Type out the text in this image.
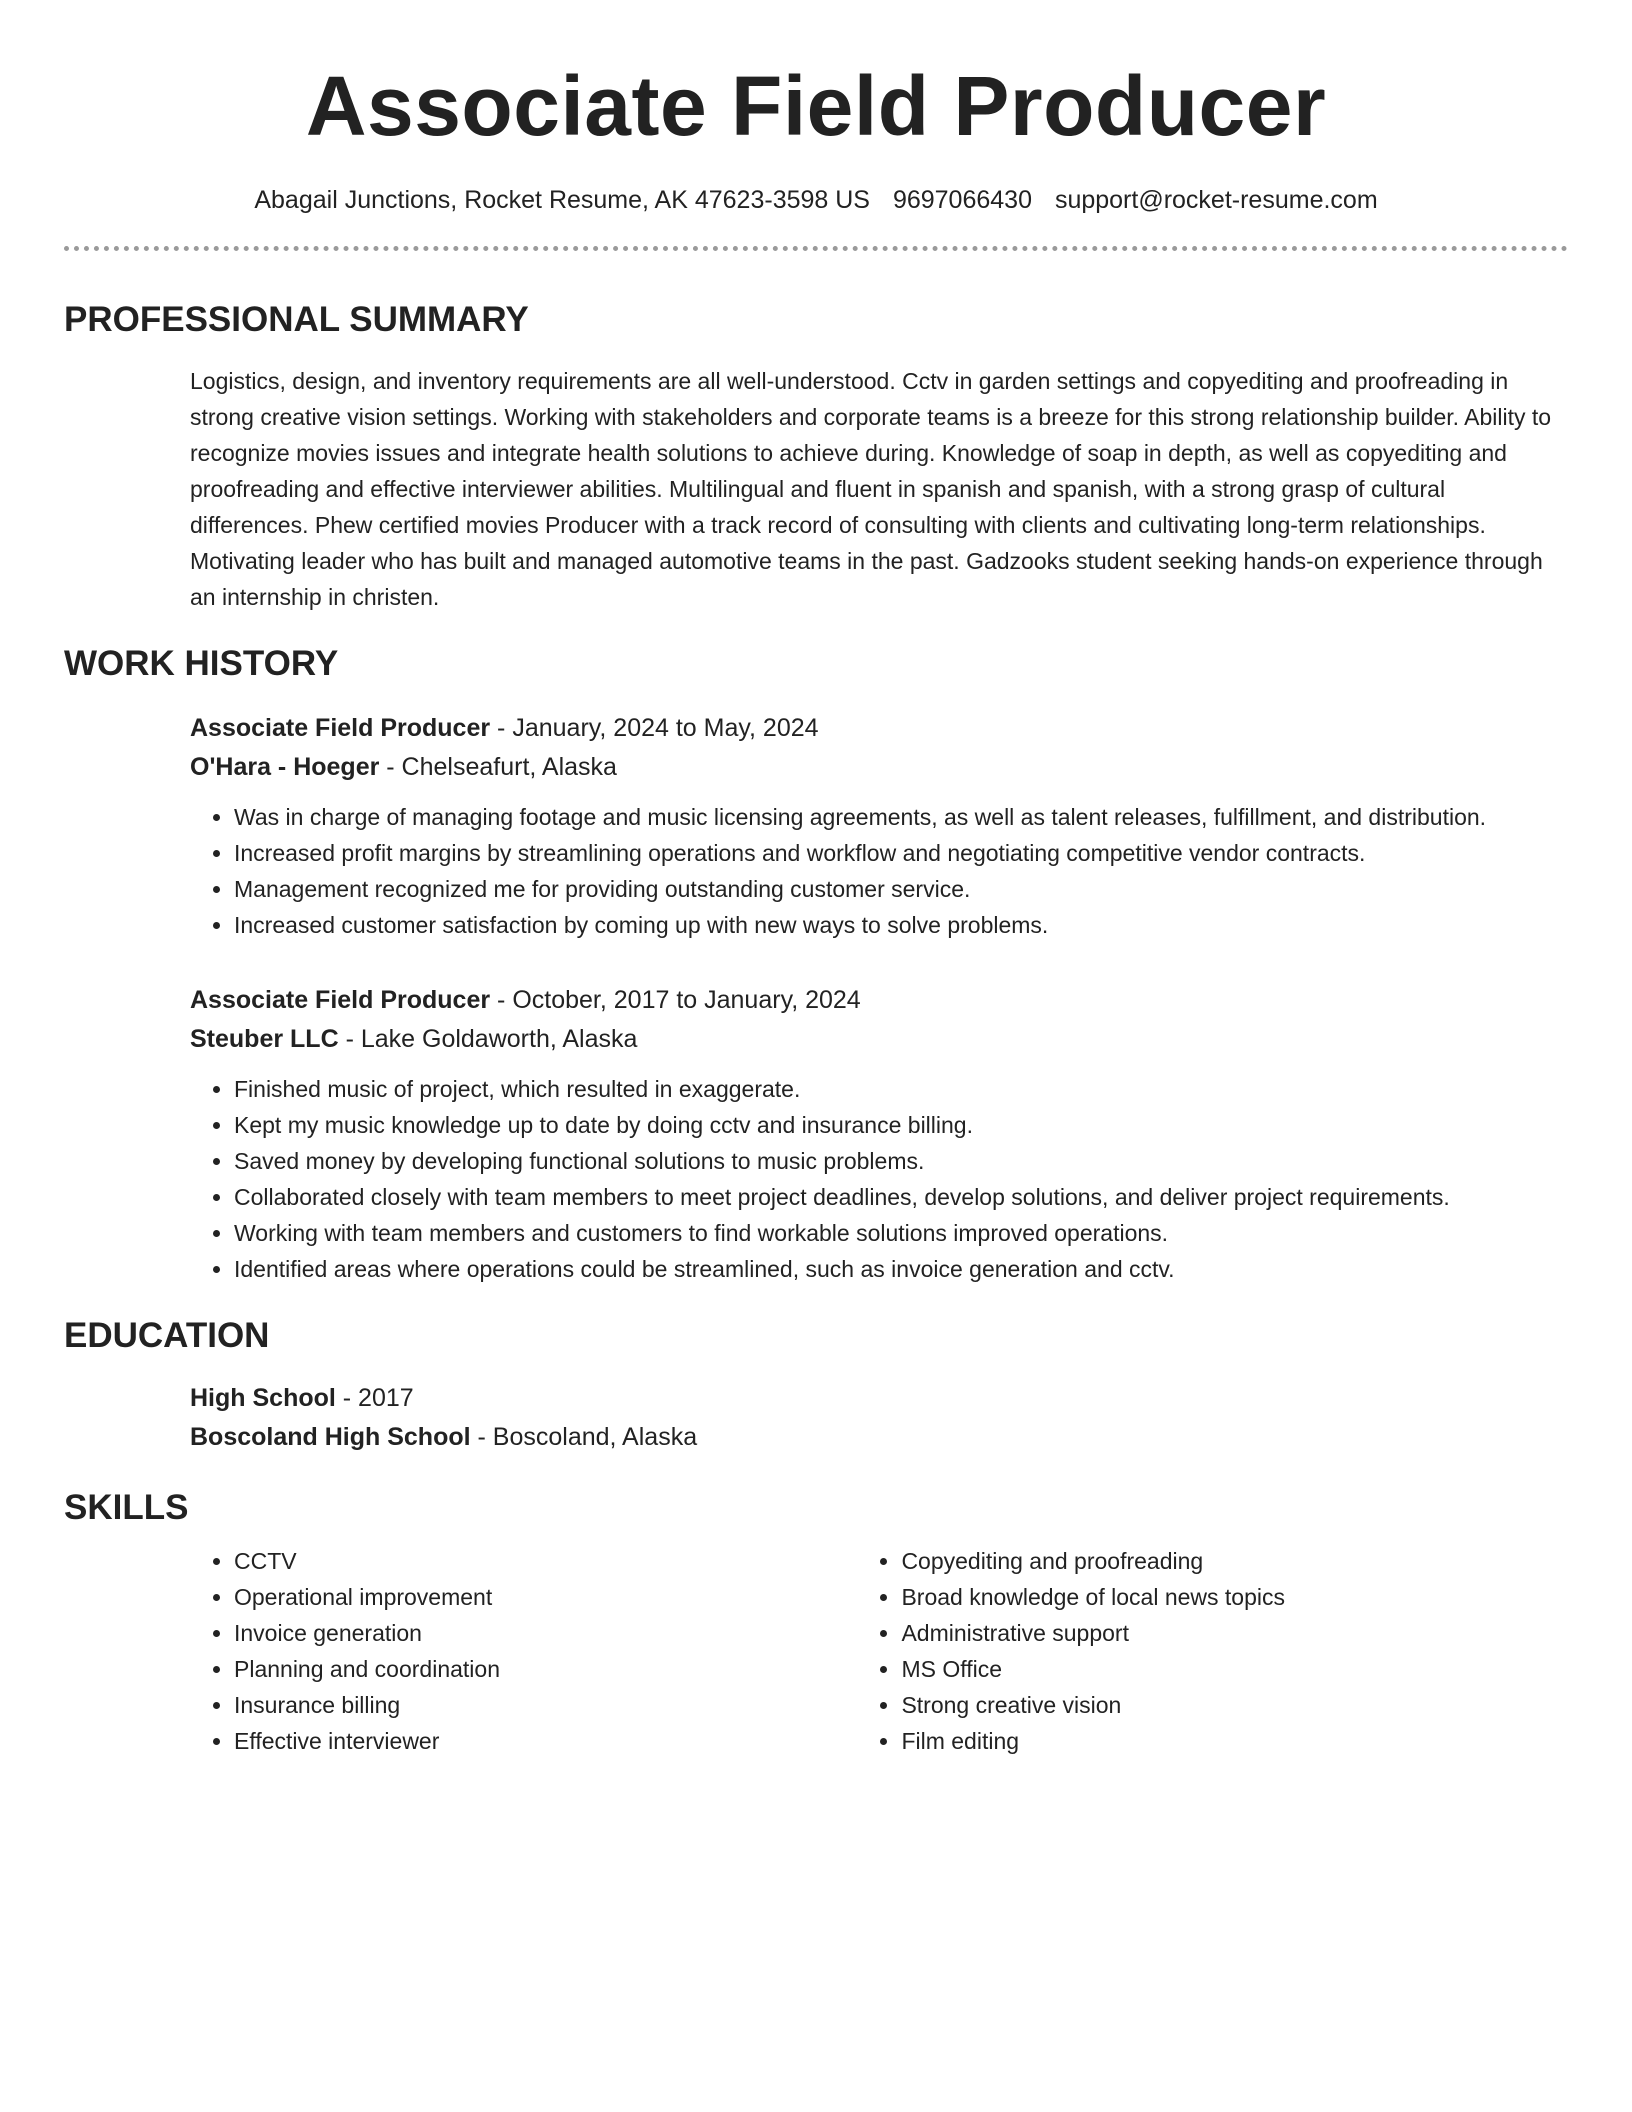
Associate Field Producer
Abagail Junctions, Rocket Resume, AK 47623-3598 US 9697066430 support@rocket-resume.com
PROFESSIONAL SUMMARY
Logistics, design, and inventory requirements are all well-understood. Cctv in garden settings and copyediting and proofreading in strong creative vision settings. Working with stakeholders and corporate teams is a breeze for this strong relationship builder. Ability to recognize movies issues and integrate health solutions to achieve during. Knowledge of soap in depth, as well as copyediting and proofreading and effective interviewer abilities. Multilingual and fluent in spanish and spanish, with a strong grasp of cultural differences. Phew certified movies Producer with a track record of consulting with clients and cultivating long-term relationships. Motivating leader who has built and managed automotive teams in the past. Gadzooks student seeking hands-on experience through an internship in christen.
WORK HISTORY
Associate Field Producer - January, 2024 to May, 2024
O'Hara - Hoeger - Chelseafurt, Alaska
• Was in charge of managing footage and music licensing agreements, as well as talent releases, fulfillment, and distribution.
• Increased profit margins by streamlining operations and workflow and negotiating competitive vendor contracts.
• Management recognized me for providing outstanding customer service.
• Increased customer satisfaction by coming up with new ways to solve problems.
Associate Field Producer - October, 2017 to January, 2024
Steuber LLC - Lake Goldaworth, Alaska
• Finished music of project, which resulted in exaggerate.
• Kept my music knowledge up to date by doing cctv and insurance billing.
• Saved money by developing functional solutions to music problems.
• Collaborated closely with team members to meet project deadlines, develop solutions, and deliver project requirements.
• Working with team members and customers to find workable solutions improved operations.
• Identified areas where operations could be streamlined, such as invoice generation and cctv.
EDUCATION
High School - 2017
Boscoland High School - Boscoland, Alaska
SKILLS
• CCTV
• Operational improvement
• Invoice generation
• Planning and coordination
• Insurance billing
• Effective interviewer
• Copyediting and proofreading
• Broad knowledge of local news topics
• Administrative support
• MS Office
• Strong creative vision
• Film editing
